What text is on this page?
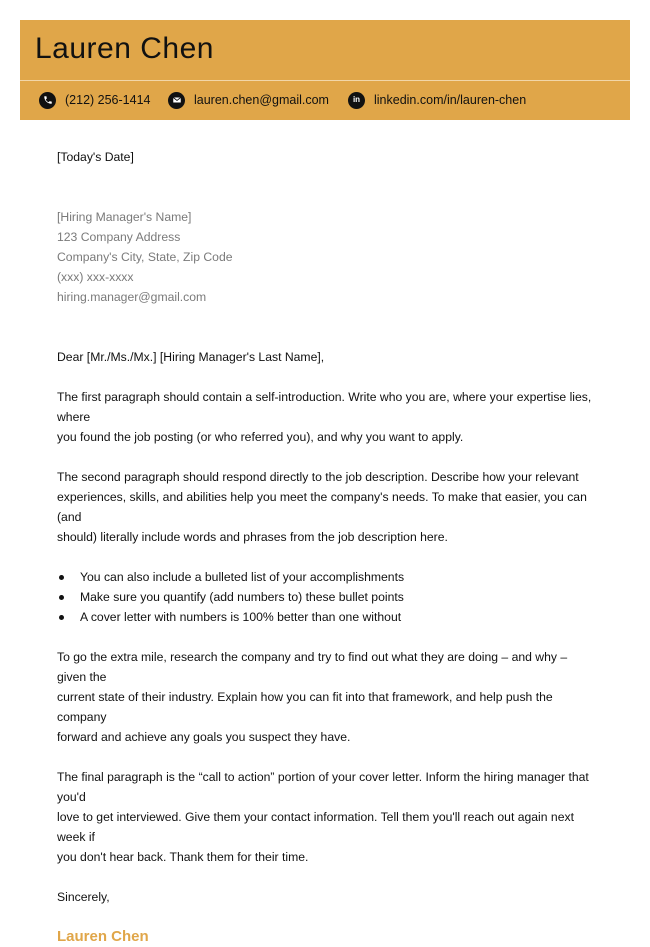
Lauren Chen
(212) 256-1414	lauren.chen@gmail.com	in linkedin.com/in/lauren-chen

[Today's Date]

[Hiring Manager's Name]

123 Company Address

Company's City, State, Zip Code

(xxx) xxx-xxxx

hiring.manager@gmail.com

Dear [Mr./Ms./Mx.] [Hiring Manager's Last Name],

The first paragraph should contain a self-introduction. Write who you are, where your expertise lies, where

you found the job posting (or who referred you), and why you want to apply.

The second paragraph should respond directly to the job description. Describe how your relevant

experiences, skills, and abilities help you meet the company's needs. To make that easier, you can (and

should) literally include words and phrases from the job description here.

You can also include a bulleted list of your accomplishments
Make sure you quantify (add numbers to) these bullet points
A cover letter with numbers is 100% better than one without

To go the extra mile, research the company and try to find out what they are doing – and why – given the

current state of their industry. Explain how you can fit into that framework, and help push the company

forward and achieve any goals you suspect they have.

The final paragraph is the “call to action” portion of your cover letter. Inform the hiring manager that you'd

love to get interviewed. Give them your contact information. Tell them you'll reach out again next week if

you don't hear back. Thank them for their time.

Sincerely,

Lauren Chen
